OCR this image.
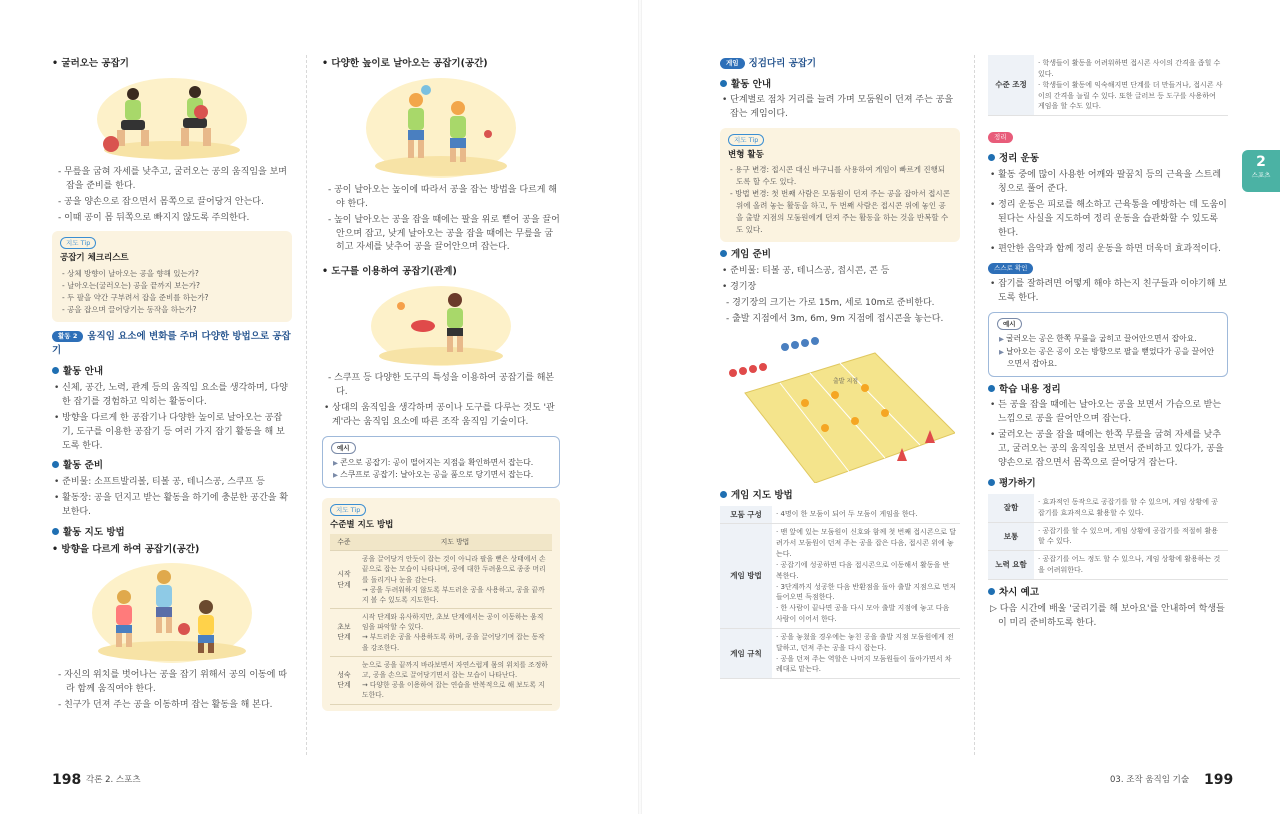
• 굴러오는 공잡기
- 무릎을 굽혀 자세를 낮추고, 굴러오는 공의 움직임을 보며 잡을 준비를 한다.
- 공을 양손으로 잡으면서 몸쪽으로 끌어당겨 안는다.
- 이때 공이 몸 뒤쪽으로 빠지지 않도록 주의한다.
지도 Tip
공잡기 체크리스트
- 상체 방향이 날아오는 공을 향해 있는가?
- 날아오는(굴러오는) 공을 끝까지 보는가?
- 두 팔을 약간 구부려서 잡을 준비를 하는가?
- 공을 잡으며 끌어당기는 동작을 하는가?
활동 2 움직임 요소에 변화를 주며 다양한 방법으로 공잡기
활동 안내
• 신체, 공간, 노력, 관계 등의 움직임 요소를 생각하며, 다양한 잡기를 경험하고 익히는 활동이다.
• 방향을 다르게 한 공잡기나 다양한 높이로 날아오는 공잡기, 도구를 이용한 공잡기 등 여러 가지 잡기 활동을 해 보도록 한다.
활동 준비
• 준비물: 소프트발리볼, 티볼 공, 테니스공, 스쿠프 등
• 활동장: 공을 던지고 받는 활동을 하기에 충분한 공간을 확보한다.
활동 지도 방법
• 방향을 다르게 하여 공잡기(공간)
- 자신의 위치를 벗어나는 공을 잡기 위해서 공의 이동에 따라 함께 움직여야 한다.
- 친구가 던져 주는 공을 이동하며 잡는 활동을 해 본다.
• 다양한 높이로 날아오는 공잡기(공간)
- 공이 날아오는 높이에 따라서 공을 잡는 방법을 다르게 해야 한다.
- 높이 날아오는 공을 잡을 때에는 팔을 위로 뻗어 공을 끌어안으며 잡고, 낮게 날아오는 공을 잡을 때에는 무릎을 굽히고 자세를 낮추어 공을 끌어안으며 잡는다.
• 도구를 이용하여 공잡기(관계)
- 스쿠프 등 다양한 도구의 특성을 이용하여 공잡기를 해본다.
• 상대의 움직임을 생각하며 공이나 도구를 다루는 것도 '관계'라는 움직임 요소에 따른 조작 움직임 기술이다.
예시
▶ 콘으로 공잡기: 공이 떨어지는 지점을 확인하면서 잡는다.
▶ 스쿠프로 공잡기: 날아오는 공을 품으로 당기면서 잡는다.
지도 Tip
수준별 지도 방법
수준	지도 방법
시작 단계	공을 끌어당겨 안듯이 잡는 것이 아니라 팔을 뻗은 상태에서 손끝으로 잡는 모습이 나타나며, 공에 대한 두려움으로 종종 머리를 돌리거나 눈을 감는다.
→ 공을 두려워하지 않도록 부드러운 공을 사용하고, 공을 끝까지 볼 수 있도록 지도한다.
초보 단계	시작 단계와 유사하지만, 초보 단계에서는 공이 이동하는 움직임을 파악할 수 있다.
→ 부드러운 공을 사용하도록 하며, 공을 끌어당기며 잡는 동작을 강조한다.
성숙 단계	눈으로 공을 끝까지 바라보면서 자연스럽게 몸의 위치를 조정하고, 공을 손으로 끌어당기면서 잡는 모습이 나타난다.
→ 다양한 공을 이용하여 잡는 연습을 반복적으로 해 보도록 지도한다.
198 각론 2. 스포츠
게임 징검다리 공잡기
활동 안내
• 단계별로 점차 거리를 늘려 가며 모둠원이 던져 주는 공을 잡는 게임이다.
지도 Tip
변형 활동
- 용구 변경: 접시콘 대신 바구니를 사용하여 게임이 빠르게 진행되도록 할 수도 있다.
- 방법 변경: 첫 번째 사람은 모둠원이 던져 주는 공을 잡아서 접시콘 위에 올려 놓는 활동을 하고, 두 번째 사람은 접시콘 위에 놓인 공을 출발 지점의 모둠원에게 던져 주는 활동을 하는 것을 반복할 수도 있다.
게임 준비
• 준비물: 티볼 공, 테니스공, 접시콘, 콘 등
• 경기장
- 경기장의 크기는 가로 15m, 세로 10m로 준비한다.
- 출발 지점에서 3m, 6m, 9m 지점에 접시콘을 놓는다.
출발 지점
게임 지도 방법
모둠 구성	· 4명이 한 모둠이 되어 두 모둠이 게임을 한다.
게임 방법	· 맨 앞에 있는 모둠원이 신호와 함께 첫 번째 접시콘으로 달려가서 모둠원이 던져 주는 공을 잡은 다음, 접시콘 위에 놓는다.
· 공잡기에 성공하면 다음 접시콘으로 이동해서 활동을 반복한다.
· 3단계까지 성공한 다음 반환점을 돌아 출발 지점으로 먼저 들어오면 득점한다.
· 한 사람이 끝나면 공을 다시 모아 출발 지점에 놓고 다음 사람이 이어서 한다.
게임 규칙	· 공을 놓쳤을 경우에는 놓친 공을 출발 지점 모둠원에게 전달하고, 던져 주는 공을 다시 잡는다.
· 공을 던져 주는 역할은 나머지 모둠원들이 돌아가면서 차례대로 맡는다.
수준 조정	· 학생들이 활동을 어려워하면 접시콘 사이의 간격을 좁힐 수 있다.
· 학생들이 활동에 익숙해지면 단계를 더 만들거나, 접시콘 사이의 간격을 늘릴 수 있다. 또한 글러브 등 도구를 사용하여 게임을 할 수도 있다.
정리
정리 운동
• 활동 중에 많이 사용한 어깨와 팔꿈치 등의 근육을 스트레칭으로 풀어 준다.
• 정리 운동은 피로를 해소하고 근육통을 예방하는 데 도움이 된다는 사실을 지도하여 정리 운동을 습관화할 수 있도록 한다.
• 편안한 음악과 함께 정리 운동을 하면 더욱더 효과적이다.
스스로 확인
• 잡기를 잘하려면 어떻게 해야 하는지 친구들과 이야기해 보도록 한다.
예시
▶ 굴러오는 공은 한쪽 무릎을 굽히고 끌어안으면서 잡아요.
▶ 날아오는 공은 공이 오는 방향으로 팔을 뻗었다가 공을 끌어안으면서 잡아요.
학습 내용 정리
• 든 공을 잡을 때에는 날아오는 공을 보면서 가슴으로 받는 느낌으로 공을 끌어안으며 잡는다.
• 굴러오는 공을 잡을 때에는 한쪽 무릎을 굽혀 자세를 낮추고, 굴러오는 공의 움직임을 보면서 준비하고 있다가, 공을 양손으로 잡으면서 몸쪽으로 끌어당겨 잡는다.
평가하기
잘함	· 효과적인 동작으로 공잡기를 할 수 있으며, 게임 상황에 공잡기를 효과적으로 활용할 수 있다.
보통	· 공잡기를 할 수 있으며, 게임 상황에 공잡기를 적절히 활용할 수 있다.
노력 요함	· 공잡기를 어느 정도 할 수 있으나, 게임 상황에 활용하는 것을 어려워한다.
차시 예고
▷ 다음 시간에 배울 '굴리기를 해 보아요'를 안내하여 학생들이 미리 준비하도록 한다.
03. 조작 움직임 기술 199
2
스포츠
